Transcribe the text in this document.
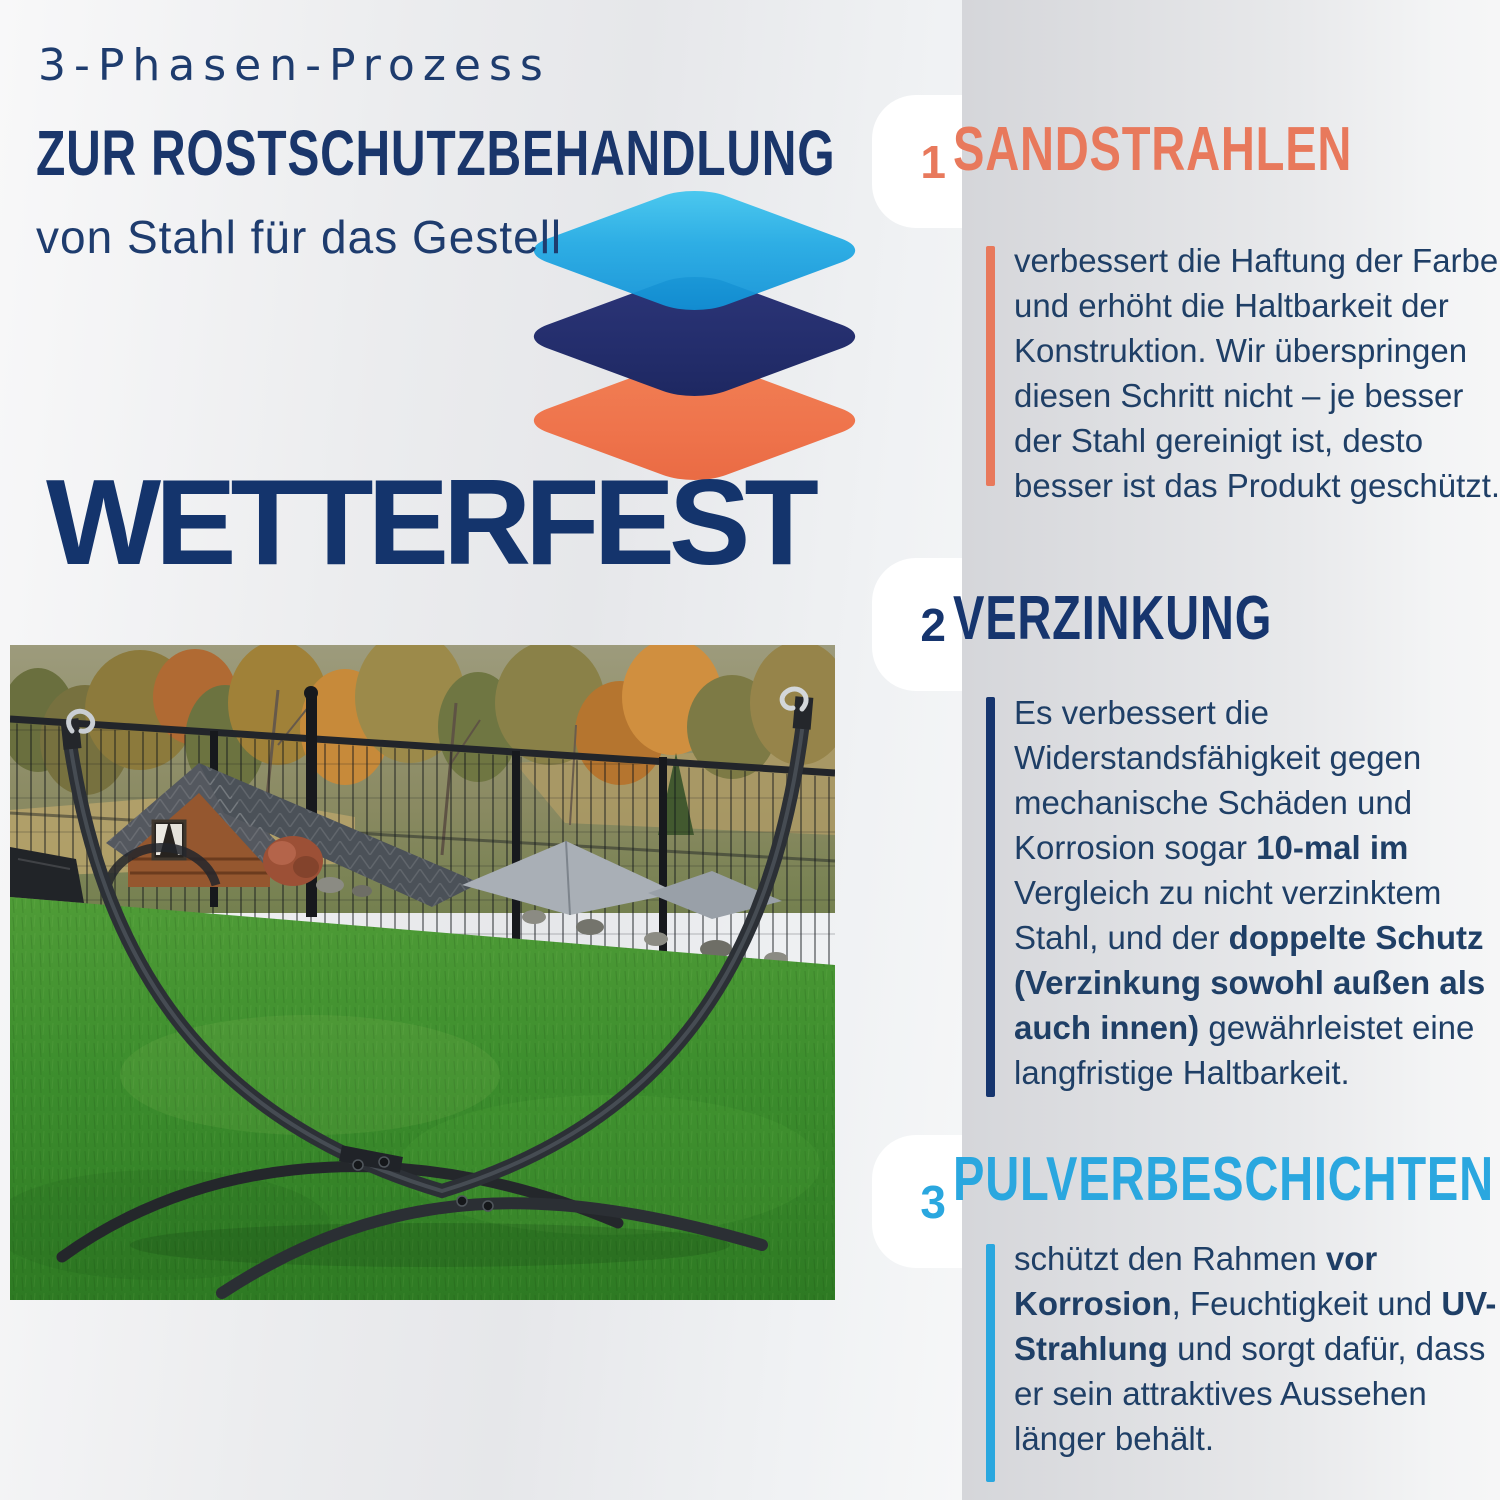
3-Phasen-Prozess
ZUR ROSTSCHUTZBEHANDLUNG
von Stahl für das Gestell
WETTERFEST
1 SANDSTRAHLEN
verbessert die Haftung der Farbe und erhöht die Haltbarkeit der Konstruktion. Wir überspringen diesen Schritt nicht – je besser der Stahl gereinigt ist, desto besser ist das Produkt geschützt.
2 VERZINKUNG
Es verbessert die Widerstandsfähigkeit gegen mechanische Schäden und Korrosion sogar 10-mal im Vergleich zu nicht verzinktem Stahl, und der doppelte Schutz (Verzinkung sowohl außen als auch innen) gewährleistet eine langfristige Haltbarkeit.
3 PULVERBESCHICHTEN
schützt den Rahmen vor Korrosion, Feuchtigkeit und UV-Strahlung und sorgt dafür, dass er sein attraktives Aussehen länger behält.
